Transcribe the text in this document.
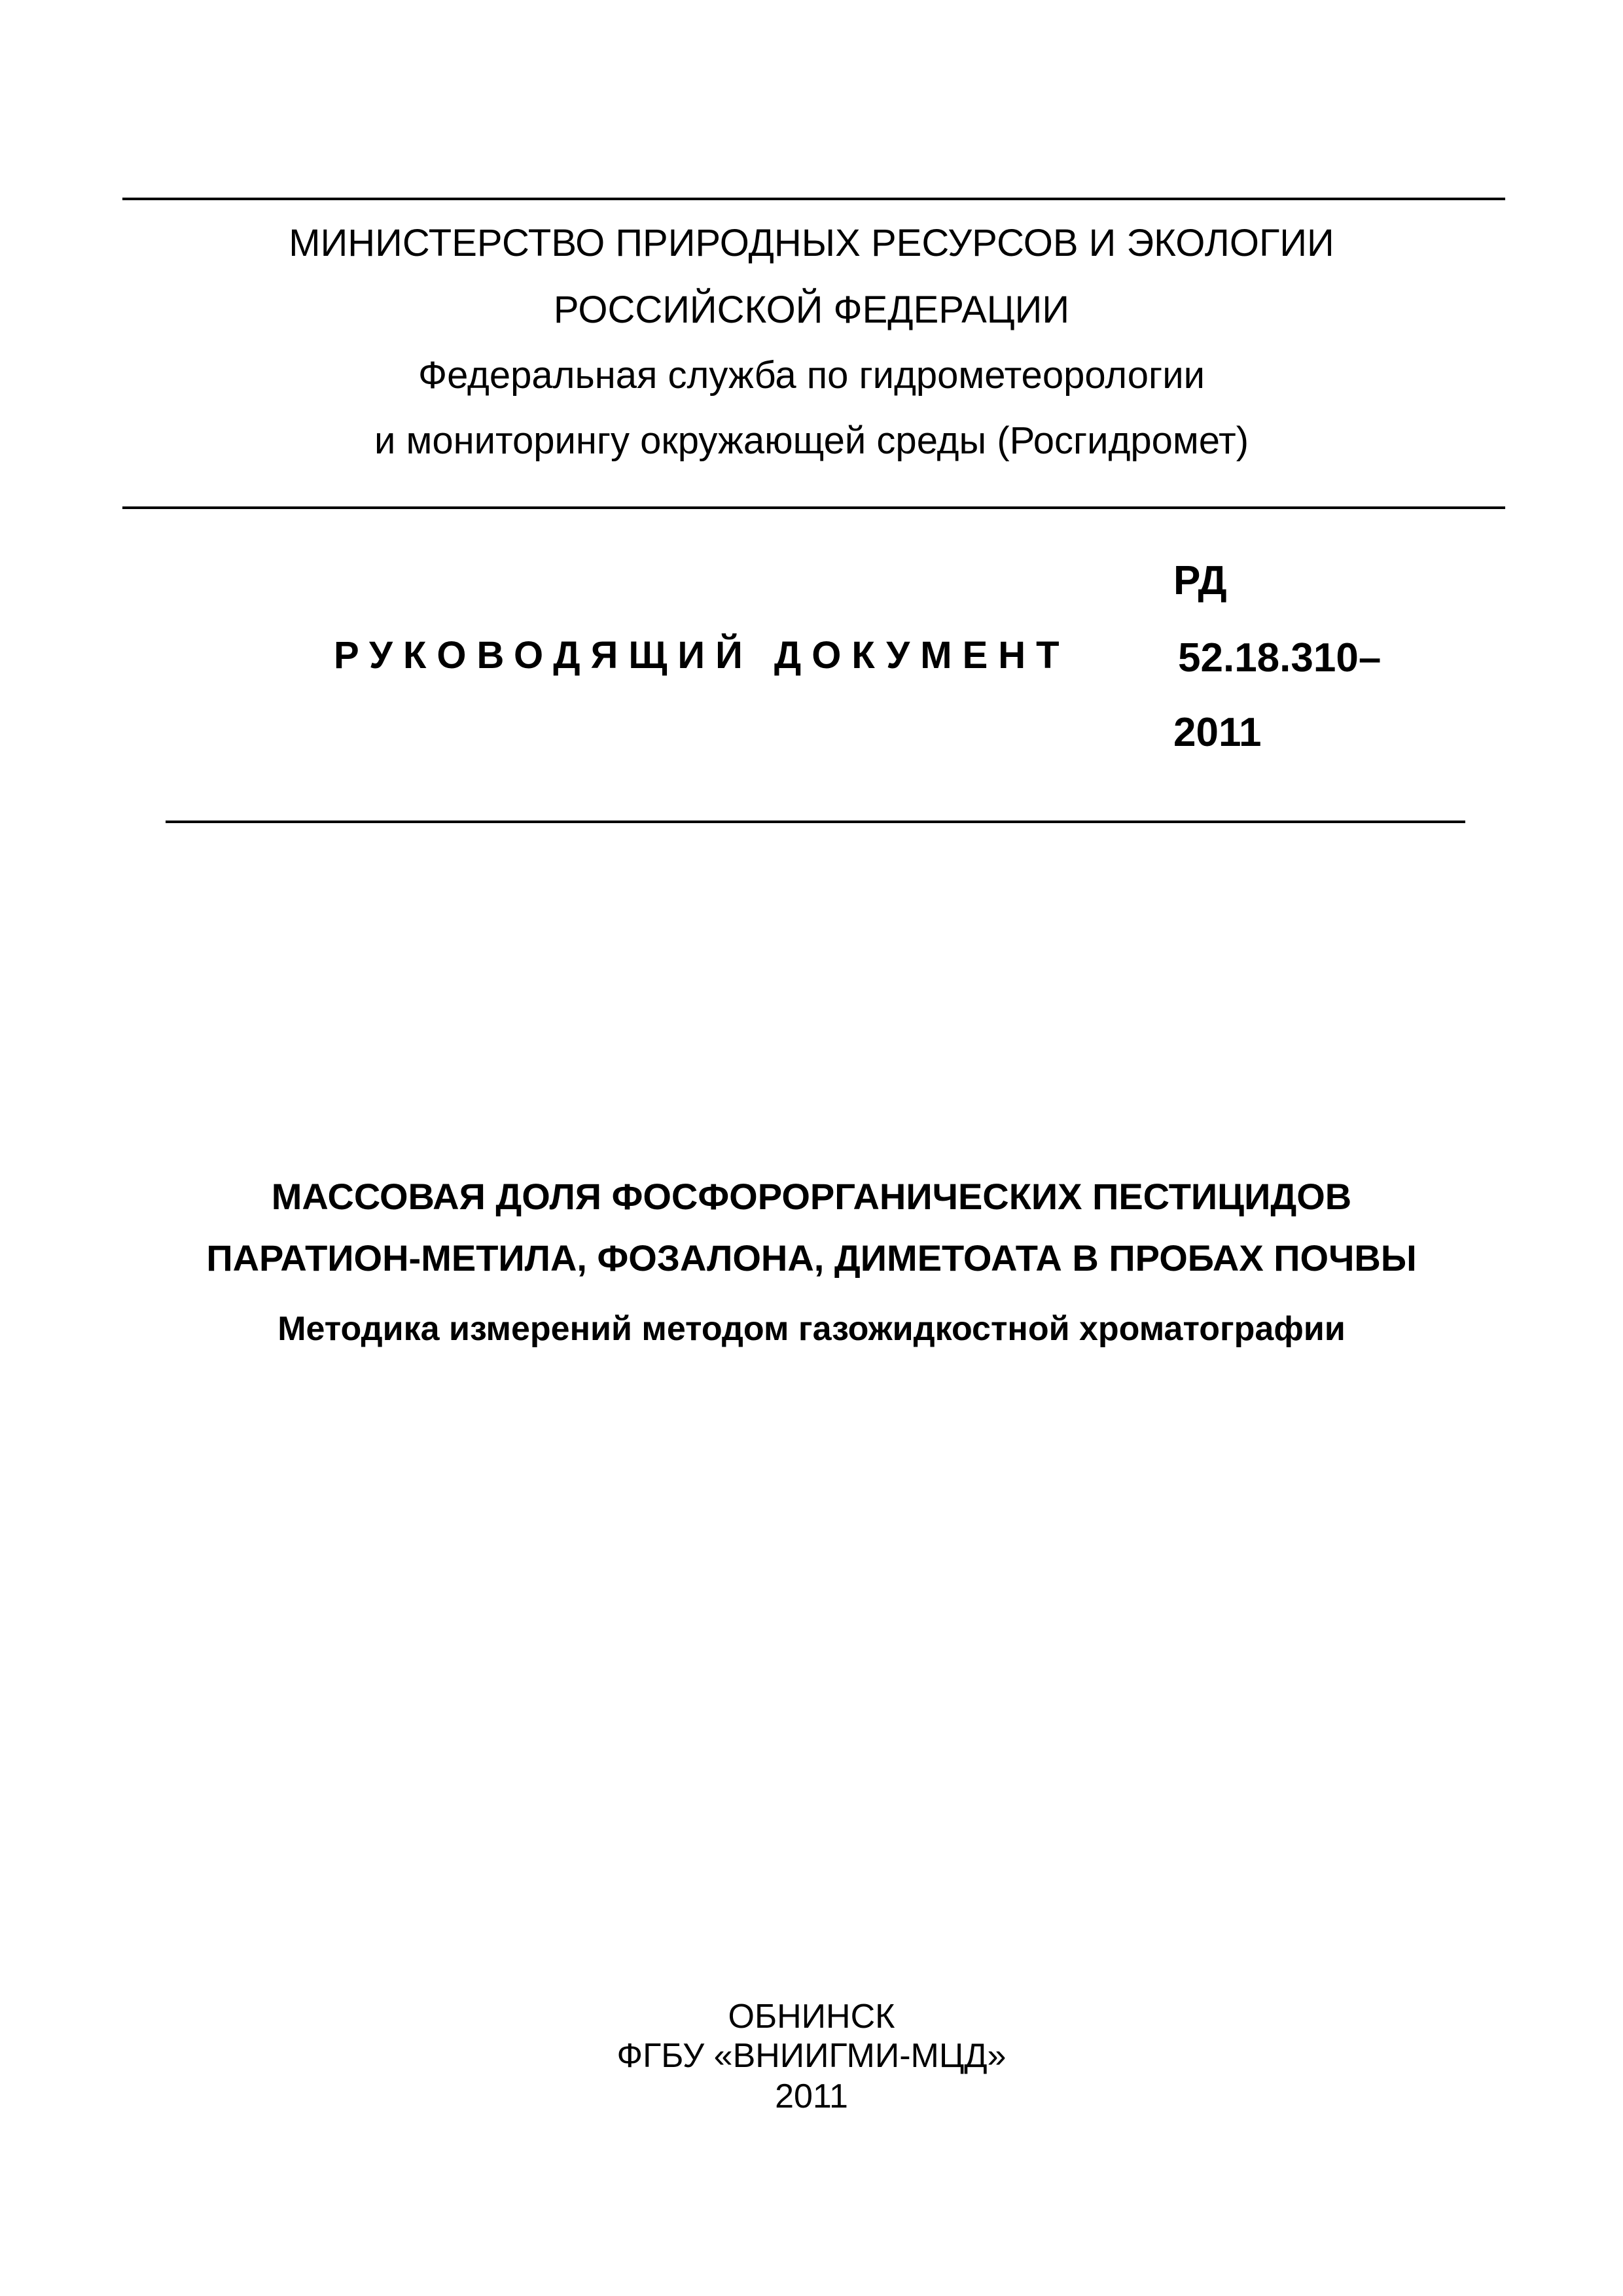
МИНИСТЕРСТВО ПРИРОДНЫХ РЕСУРСОВ И ЭКОЛОГИИ
РОССИЙСКОЙ ФЕДЕРАЦИИ
Федеральная служба по гидрометеорологии
и мониторингу окружающей среды (Росгидромет)
РУКОВОДЯЩИЙ ДОКУМЕНТ
РД
52.18.310–
2011
МАССОВАЯ ДОЛЯ ФОСФОРОРГАНИЧЕСКИХ ПЕСТИЦИДОВ
ПАРАТИОН-МЕТИЛА, ФОЗАЛОНА, ДИМЕТОАТА В ПРОБАХ ПОЧВЫ
Методика измерений методом газожидкостной хроматографии
ОБНИНСК
ФГБУ «ВНИИГМИ-МЦД»
2011
